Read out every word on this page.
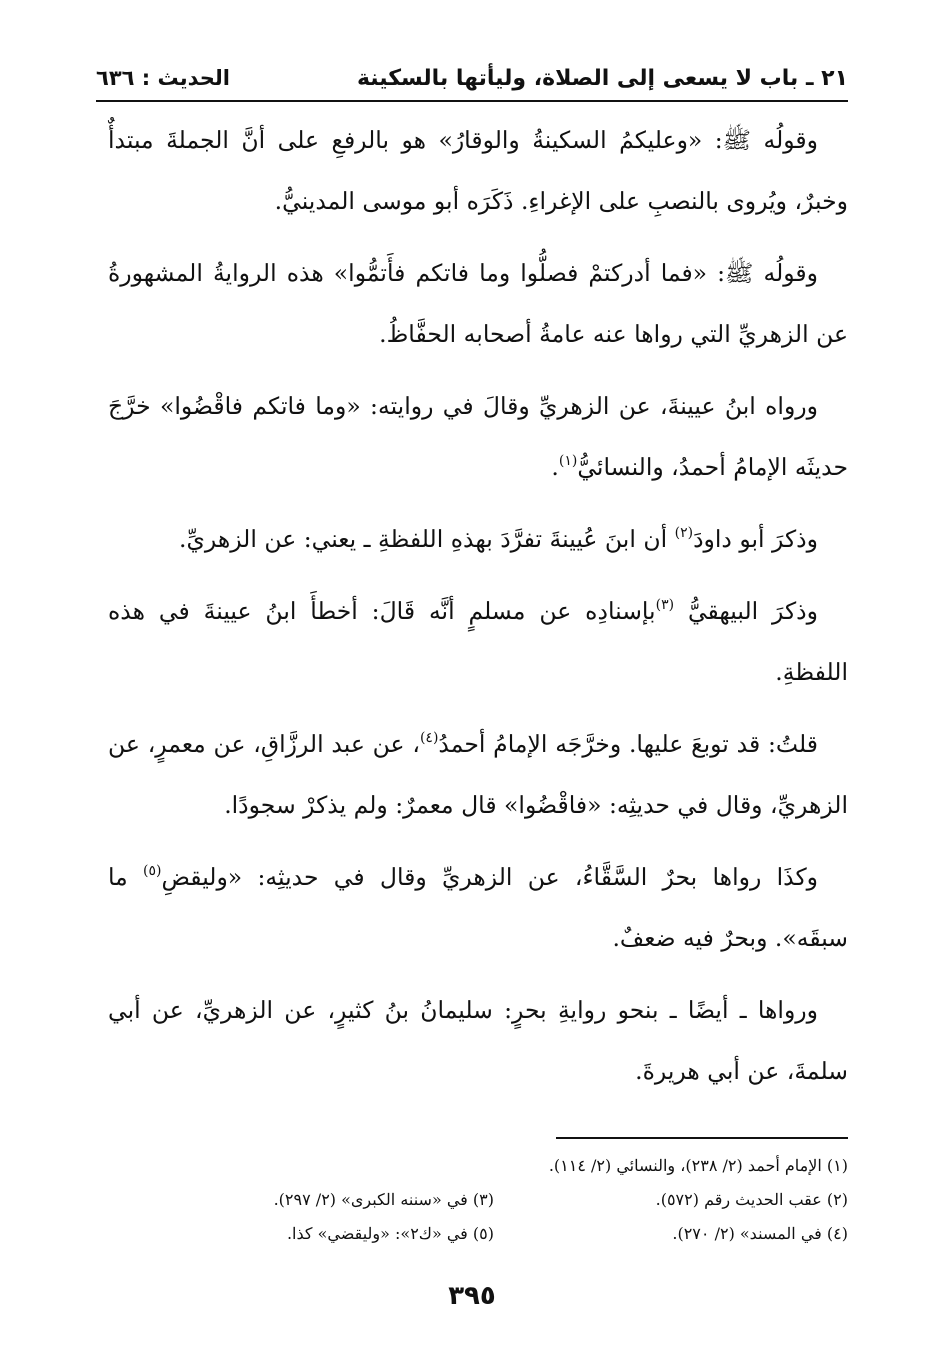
٢١ ـ باب لا يسعى إلى الصلاة، وليأتها بالسكينة
الحديث : ٦٣٦

وقولُه ﷺ: «وعليكمُ السكينةُ والوقارُ» هو بالرفعِ على أنَّ الجملةَ مبتدأٌ وخبرٌ، ويُروى بالنصبِ على الإغراءِ. ذَكَرَه أبو موسى المدينيُّ.

وقولُه ﷺ: «فما أدركتمْ فصلُّوا وما فاتكم فأَتمُّوا» هذه الروايةُ المشهورةُ عن الزهريِّ التي رواها عنه عامةُ أصحابه الحفَّاظُ.

ورواه ابنُ عيينةَ، عن الزهريِّ وقالَ في روايته: «وما فاتكم فاقْضُوا» خرَّجَ حديثَه الإمامُ أحمدُ، والنسائيُّ$^{(١)}$.

وذكرَ أبو داودَ$^{(٢)}$ أن ابنَ عُيينةَ تفرَّدَ بهذهِ اللفظةِ ـ يعني: عن الزهريِّ.

وذكرَ البيهقيُّ $^{(٣)}$بإسنادِه عن مسلمٍ أنَّه قَالَ: أخطأَ ابنُ عيينةَ في هذه اللفظةِ.

قلتُ: قد توبعَ عليها. وخرَّجَه الإمامُ أحمدُ$^{(٤)}$، عن عبد الرزَّاقِ، عن معمرٍ، عن الزهريِّ، وقال في حديثِه: «فاقْضُوا» قال معمرٌ: ولم يذكرْ سجودًا.

وكذَا رواها بحرٌ السَّقَّاءُ، عن الزهريِّ وقال في حديثِه: «وليقضِ$^{(٥)}$ ما سبقَه». وبحرٌ فيه ضعفٌ.

ورواها ـ أيضًا ـ بنحو روايةِ بحرٍ: سليمانُ بنُ كثيرٍ، عن الزهريِّ، عن أبي سلمةَ، عن أبي هريرةَ.

(١) الإمام أحمد (٢/ ٢٣٨)، والنسائي (٢/ ١١٤).
(٢) عقب الحديث رقم (٥٧٢).
(٣) في «سننه الكبرى» (٢/ ٢٩٧).
(٤) في المسند» (٢/ ٢٧٠).
(٥) في «ك٢»: «وليقضي» كذا.
٣٩٥
